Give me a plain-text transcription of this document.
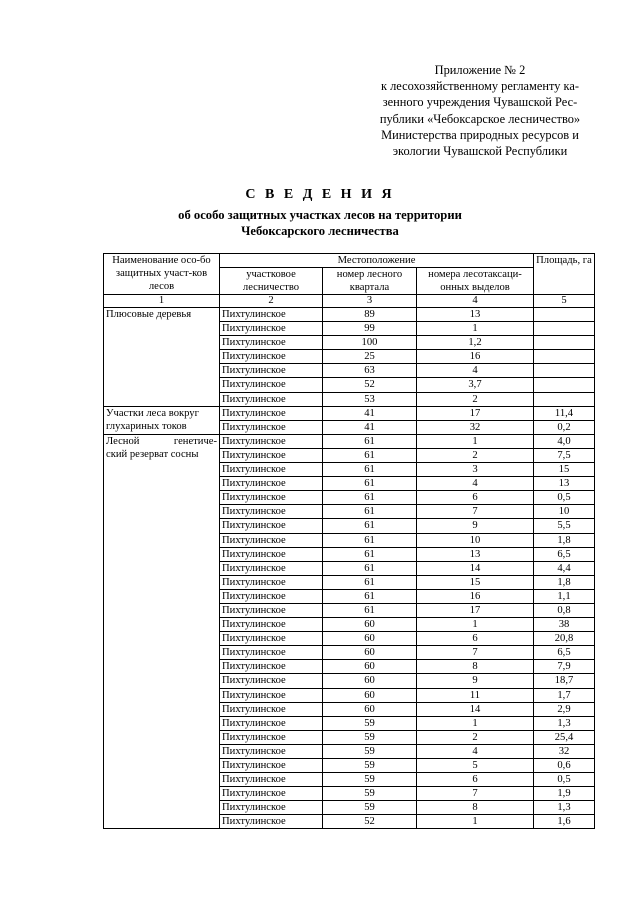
Приложение № 2
к лесохозяйственному регламенту ка-
зенного учреждения Чувашской Рес-
публики «Чебоксарское лесничество»
Министерства природных ресурсов и
экологии Чувашской Республики
С В Е Д Е Н И Я
об особо защитных участках лесов на территории
Чебоксарского лесничества
Наименование осо-бо защитных участ-ков лесов	Местоположение			Площадь, га
	участковое лесничество	номер лесного квартала	номера лесотаксаци-онных выделов	
1	2	3	4	5

Плюсовые деревья	Пихтулинское	89	13	
	Пихтулинское	99	1	
	Пихтулинское	100	1,2	
	Пихтулинское	25	16	
	Пихтулинское	63	4	
	Пихтулинское	52	3,7	
	Пихтулинское	53	2	

Участки леса вокруг
глухариных токов	Пихтулинское	41	17	11,4
	Пихтулинское	41	32	0,2

Лесной генетиче-
ский резерват сосны	Пихтулинское	61	1	4,0
	Пихтулинское	61	2	7,5
	Пихтулинское	61	3	15
	Пихтулинское	61	4	13
	Пихтулинское	61	6	0,5
	Пихтулинское	61	7	10
	Пихтулинское	61	9	5,5
	Пихтулинское	61	10	1,8
	Пихтулинское	61	13	6,5
	Пихтулинское	61	14	4,4
	Пихтулинское	61	15	1,8
	Пихтулинское	61	16	1,1
	Пихтулинское	61	17	0,8
	Пихтулинское	60	1	38
	Пихтулинское	60	6	20,8
	Пихтулинское	60	7	6,5
	Пихтулинское	60	8	7,9
	Пихтулинское	60	9	18,7
	Пихтулинское	60	11	1,7
	Пихтулинское	60	14	2,9
	Пихтулинское	59	1	1,3
	Пихтулинское	59	2	25,4
	Пихтулинское	59	4	32
	Пихтулинское	59	5	0,6
	Пихтулинское	59	6	0,5
	Пихтулинское	59	7	1,9
	Пихтулинское	59	8	1,3
	Пихтулинское	52	1	1,6
